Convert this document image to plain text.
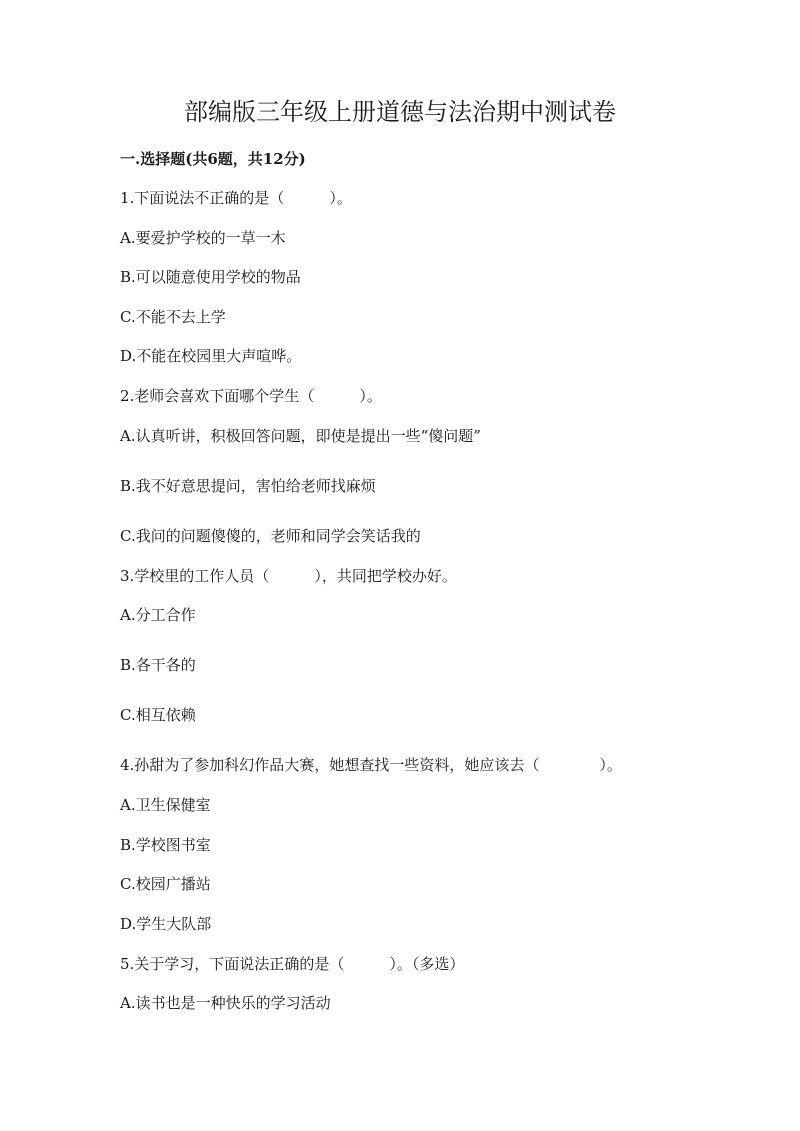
部编版三年级上册道德与法治期中测试卷
一.选择题(共6题，共12分)
1.下面说法不正确的是（　　　）。
A.要爱护学校的一草一木
B.可以随意使用学校的物品
C.不能不去上学
D.不能在校园里大声喧哗。
2.老师会喜欢下面哪个学生（　　　）。
A.认真听讲，积极回答问题，即使是提出一些“傻问题”
B.我不好意思提问，害怕给老师找麻烦
C.我问的问题傻傻的，老师和同学会笑话我的
3.学校里的工作人员（　　　），共同把学校办好。
A.分工合作
B.各干各的
C.相互依赖
4.孙甜为了参加科幻作品大赛，她想查找一些资料，她应该去（　　　　）。
A.卫生保健室
B.学校图书室
C.校园广播站
D.学生大队部
5.关于学习，下面说法正确的是（　　　）。（多选）
A.读书也是一种快乐的学习活动
